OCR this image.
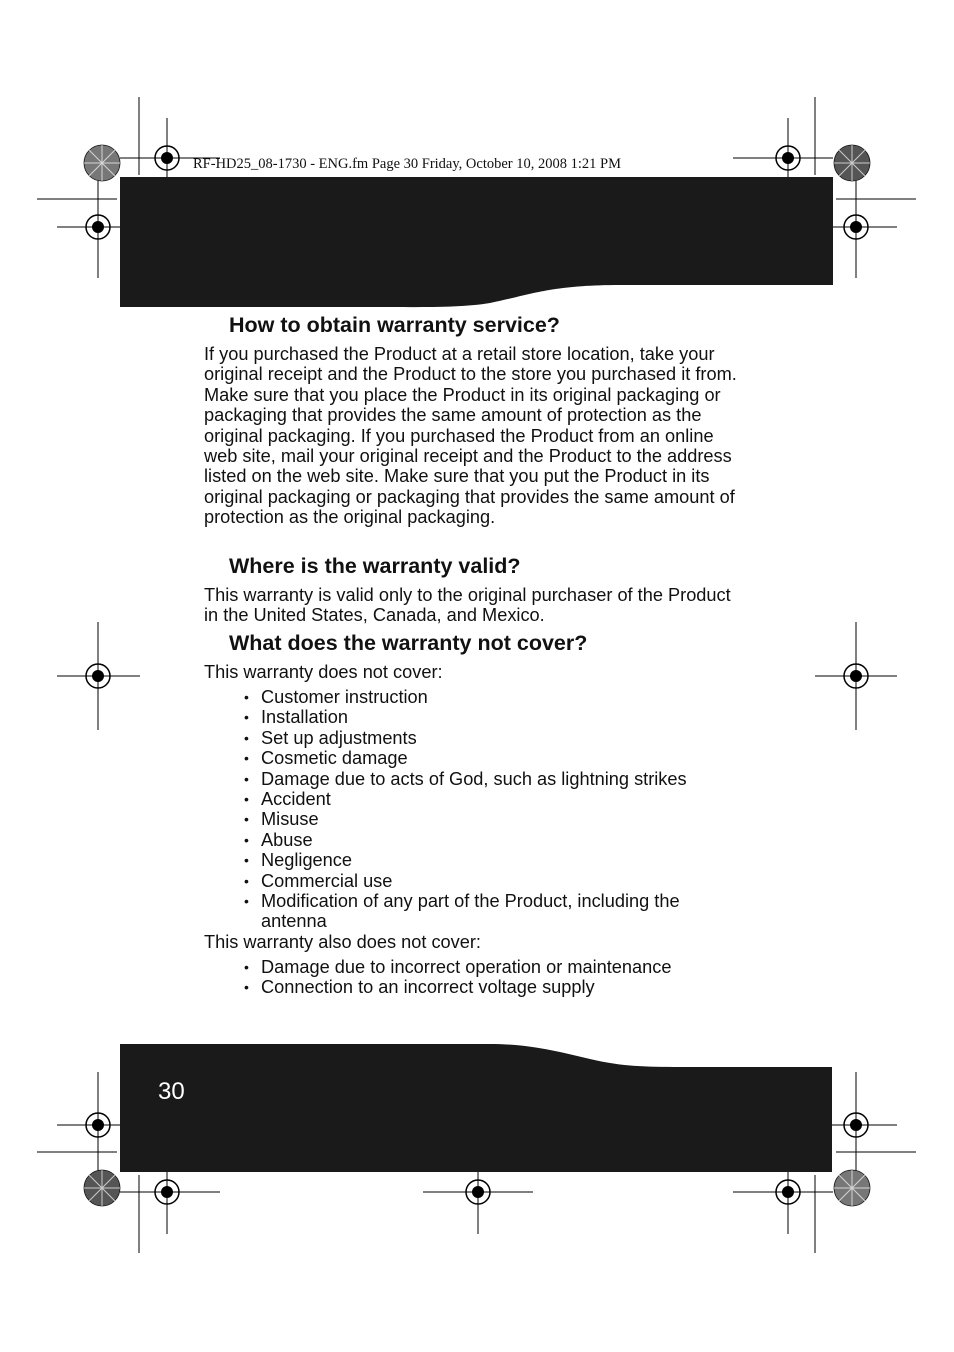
RF-HD25_08-1730 - ENG.fm Page 30 Friday, October 10, 2008 1:21 PM
How to obtain warranty service?

If you purchased the Product at a retail store location, take your original receipt and the Product to the store you purchased it from. Make sure that you place the Product in its original packaging or packaging that provides the same amount of protection as the original packaging. If you purchased the Product from an online web site, mail your original receipt and the Product to the address listed on the web site. Make sure that you put the Product in its original packaging or packaging that provides the same amount of protection as the original packaging.

Where is the warranty valid?

This warranty is valid only to the original purchaser of the Product in the United States, Canada, and Mexico.

What does the warranty not cover?

This warranty does not cover:

• Customer instruction
• Installation
• Set up adjustments
• Cosmetic damage
• Damage due to acts of God, such as lightning strikes
• Accident
• Misuse
• Abuse
• Negligence
• Commercial use
• Modification of any part of the Product, including the antenna

This warranty also does not cover:

• Damage due to incorrect operation or maintenance
• Connection to an incorrect voltage supply
30
